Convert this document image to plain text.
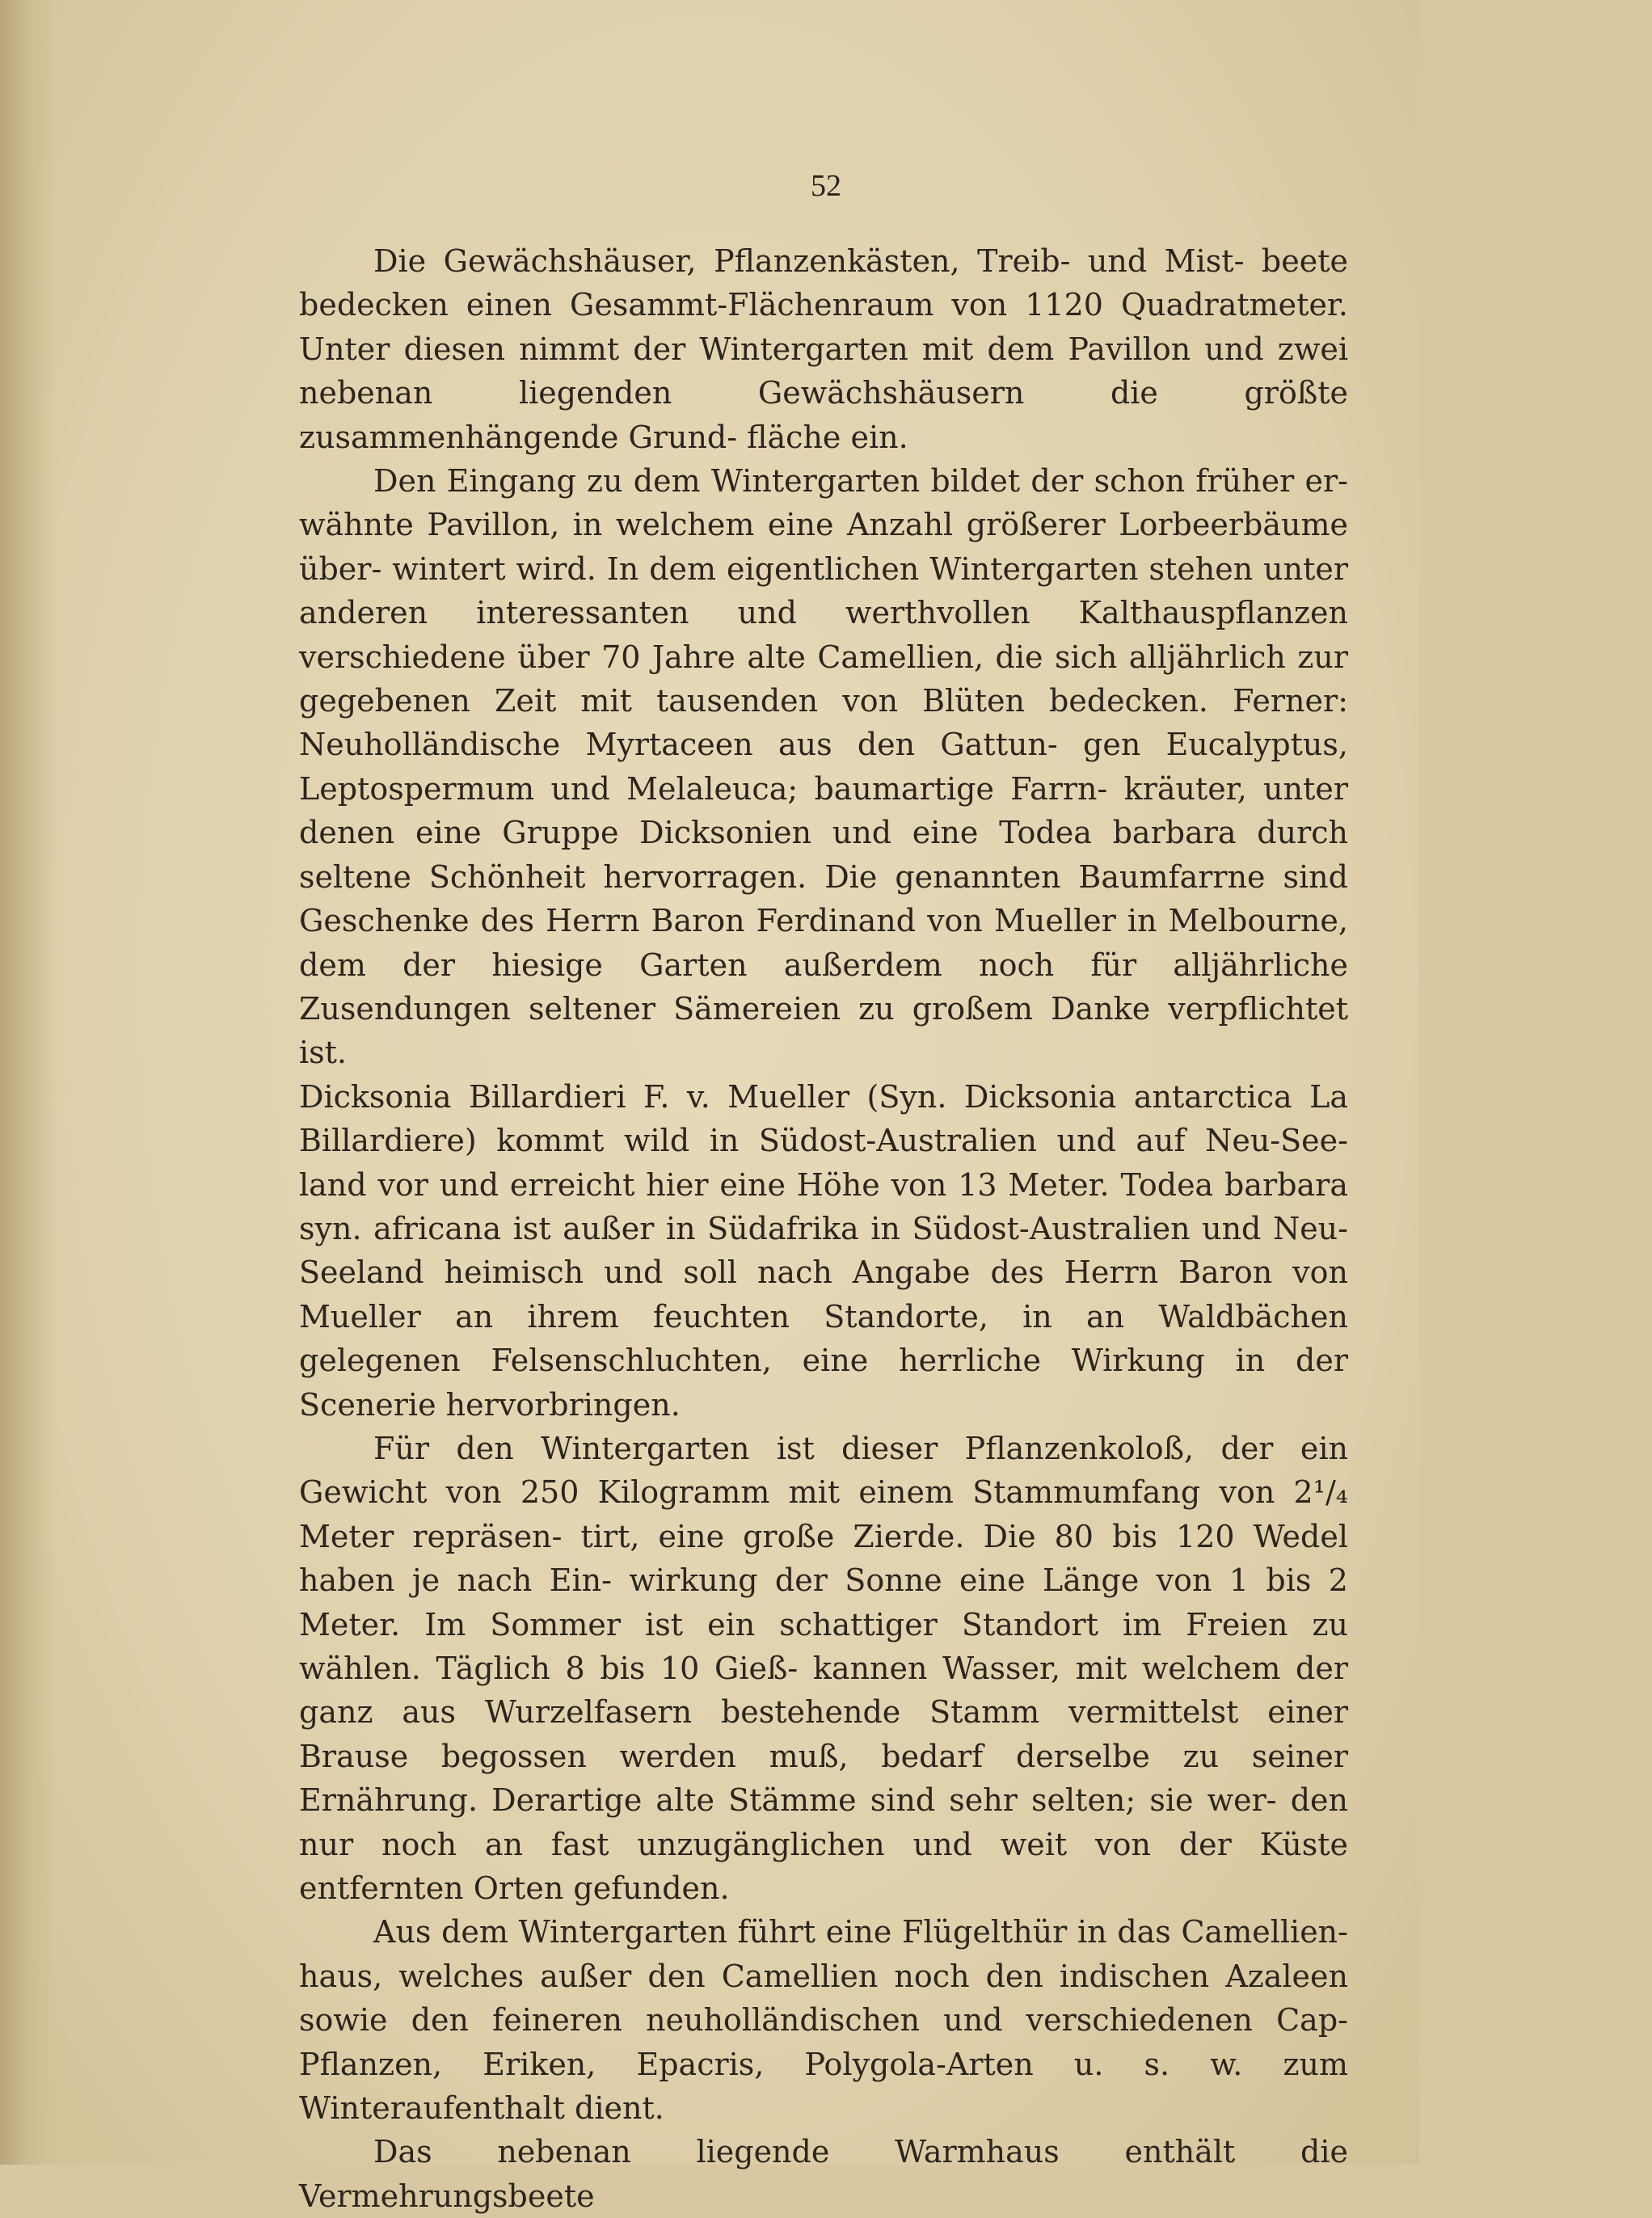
52

Die Gewächshäuser, Pflanzenkästen, Treib- und Mist- beete bedecken einen Gesammt-Flächenraum von 1120 Quadratmeter. Unter diesen nimmt der Wintergarten mit dem Pavillon und zwei nebenan liegenden Gewächshäusern die größte zusammenhängende Grund- fläche ein.

Den Eingang zu dem Wintergarten bildet der schon früher er- wähnte Pavillon, in welchem eine Anzahl größerer Lorbeerbäume über- wintert wird. In dem eigentlichen Wintergarten stehen unter anderen interessanten und werthvollen Kalthauspflanzen verschiedene über 70 Jahre alte Camellien, die sich alljährlich zur gegebenen Zeit mit tausenden von Blüten bedecken. Ferner: Neuholländische Myrtaceen aus den Gattun- gen Eucalyptus, Leptospermum und Melaleuca; baumartige Farrn- kräuter, unter denen eine Gruppe Dicksonien und eine Todea barbara durch seltene Schönheit hervorragen. Die genannten Baumfarrne sind Geschenke des Herrn Baron Ferdinand von Mueller in Melbourne, dem der hiesige Garten außerdem noch für alljährliche Zusendungen seltener Sämereien zu großem Danke verpflichtet ist.

Dicksonia Billardieri F. v. Mueller (Syn. Dicksonia antarctica La Billardiere) kommt wild in Südost-Australien und auf Neu-See- land vor und erreicht hier eine Höhe von 13 Meter. Todea barbara syn. africana ist außer in Südafrika in Südost-Australien und Neu- Seeland heimisch und soll nach Angabe des Herrn Baron von Mueller an ihrem feuchten Standorte, in an Waldbächen gelegenen Felsenschluchten, eine herrliche Wirkung in der Scenerie hervorbringen.

Für den Wintergarten ist dieser Pflanzenkoloß, der ein Gewicht von 250 Kilogramm mit einem Stammumfang von 2¹/₄ Meter repräsen- tirt, eine große Zierde. Die 80 bis 120 Wedel haben je nach Ein- wirkung der Sonne eine Länge von 1 bis 2 Meter. Im Sommer ist ein schattiger Standort im Freien zu wählen. Täglich 8 bis 10 Gieß- kannen Wasser, mit welchem der ganz aus Wurzelfasern bestehende Stamm vermittelst einer Brause begossen werden muß, bedarf derselbe zu seiner Ernährung. Derartige alte Stämme sind sehr selten; sie wer- den nur noch an fast unzugänglichen und weit von der Küste entfernten Orten gefunden.

Aus dem Wintergarten führt eine Flügelthür in das Camellien- haus, welches außer den Camellien noch den indischen Azaleen sowie den feineren neuholländischen und verschiedenen Cap-Pflanzen, Eriken, Epacris, Polygola-Arten u. s. w. zum Winteraufenthalt dient.

Das nebenan liegende Warmhaus enthält die Vermehrungsbeete
